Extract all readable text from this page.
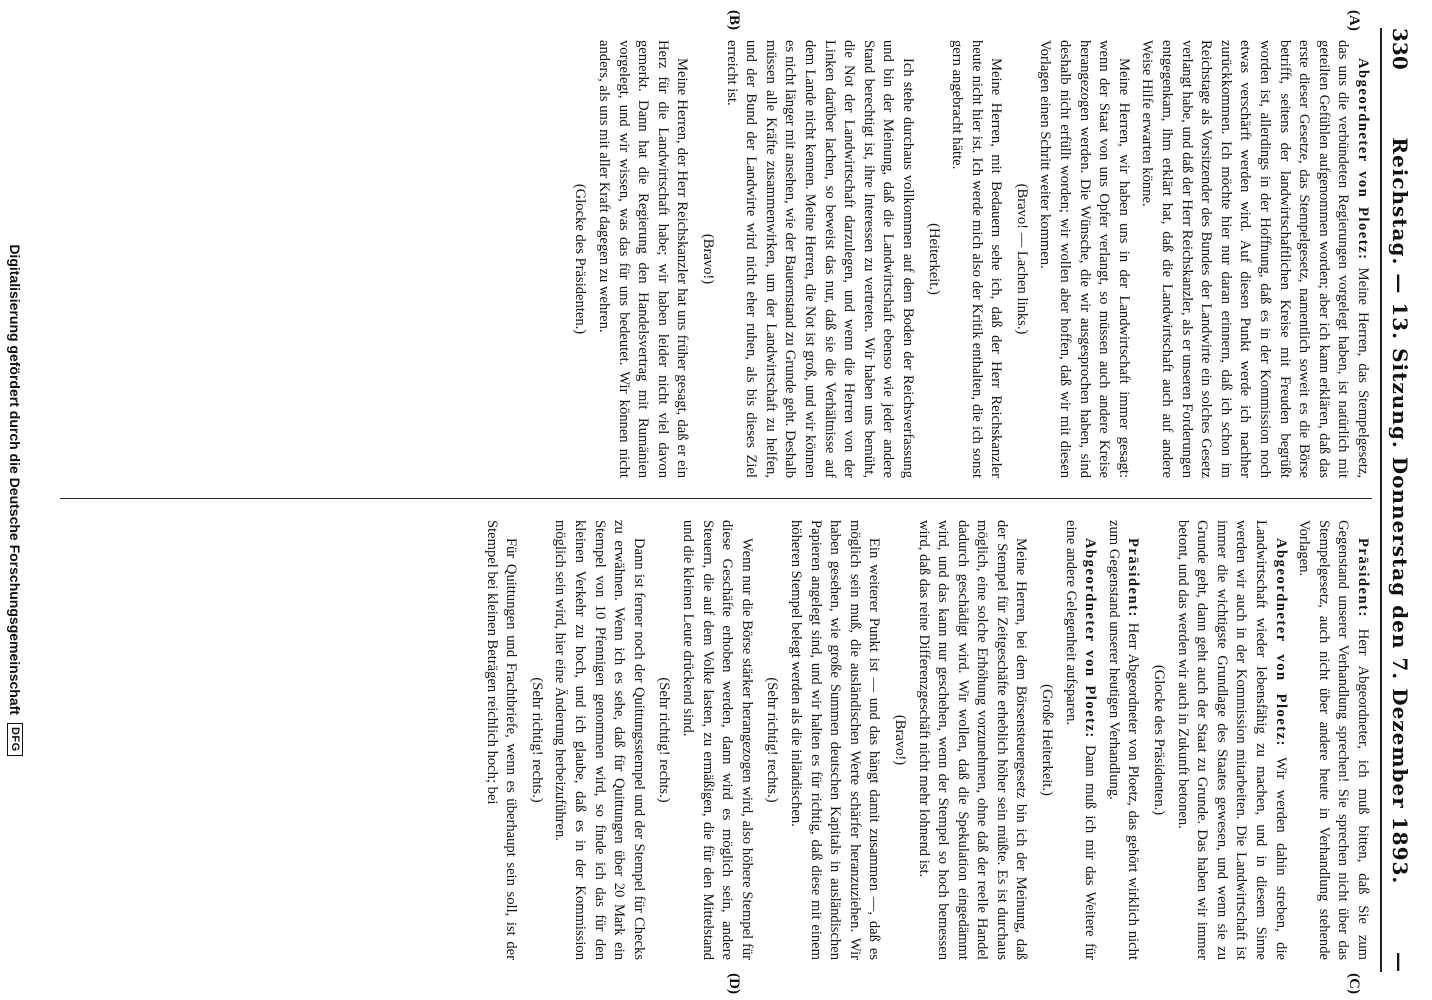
330
Reichstag. — 13. Sitzung. Donnerstag den 7. Dezember 1893.
—
(A)
(B)
(C)
(D)

Abgeordneter von Ploetz: Meine Herren, das Stempelgesetz, das uns die verbündeten Regierungen vorgelegt haben, ist natürlich mit geteilten Gefühlen aufgenommen worden; aber ich kann erklären, daß das erste dieser Gesetze, das Stempelgesetz, namentlich soweit es die Börse betrifft, seitens der landwirtschaftlichen Kreise mit Freuden begrüßt worden ist, allerdings in der Hoffnung, daß es in der Kommission noch etwas verschärft werden wird. Auf diesen Punkt werde ich nachher zurückkommen. Ich möchte hier nur daran erinnern, daß ich schon im Reichstage als Vorsitzender des Bundes der Landwirte ein solches Gesetz verlangt habe, und daß der Herr Reichskanzler, als er unseren Forderungen entgegenkam, ihm erklärt hat, daß die Landwirtschaft auch auf andere Weise Hilfe erwarten könne.

Meine Herren, wir haben uns in der Landwirtschaft immer gesagt: wenn der Staat von uns Opfer verlangt, so müssen auch andere Kreise herangezogen werden. Die Wünsche, die wir ausgesprochen haben, sind deshalb nicht erfüllt worden; wir wollen aber hoffen, daß wir mit diesen Vorlagen einen Schritt weiter kommen.

(Bravo! — Lachen links.)

Meine Herren, mit Bedauern sehe ich, daß der Herr Reichskanzler heute nicht hier ist. Ich werde mich also der Kritik enthalten, die ich sonst gern angebracht hätte.

(Heiterkeit.)

Ich stehe durchaus vollkommen auf dem Boden der Reichsverfassung und bin der Meinung, daß die Landwirtschaft ebenso wie jeder andere Stand berechtigt ist, ihre Interessen zu vertreten. Wir haben uns bemüht, die Not der Landwirtschaft darzulegen, und wenn die Herren von der Linken darüber lachen, so beweist das nur, daß sie die Verhältnisse auf dem Lande nicht kennen. Meine Herren, die Not ist groß, und wir können es nicht länger mit ansehen, wie der Bauernstand zu Grunde geht. Deshalb müssen alle Kräfte zusammenwirken, um der Landwirtschaft zu helfen, und der Bund der Landwirte wird nicht eher ruhen, als bis dieses Ziel erreicht ist.

(Bravo!)

Meine Herren, der Herr Reichskanzler hat uns früher gesagt, daß er ein Herz für die Landwirtschaft habe; wir haben leider nicht viel davon gemerkt. Dann hat die Regierung den Handelsvertrag mit Rumänien vorgelegt, und wir wissen, was das für uns bedeutet. Wir können nicht anders, als uns mit aller Kraft dagegen zu wehren.

(Glocke des Präsidenten.)

Präsident: Herr Abgeordneter, ich muß bitten, daß Sie zum Gegenstand unserer Verhandlung sprechen! Sie sprechen nicht über das Stempelgesetz, auch nicht über andere heute in Verhandlung stehende Vorlagen.

Abgeordneter von Ploetz: Wir werden dahin streben, die Landwirtschaft wieder lebensfähig zu machen, und in diesem Sinne werden wir auch in der Kommission mitarbeiten. Die Landwirtschaft ist immer die wichtigste Grundlage des Staates gewesen, und wenn sie zu Grunde geht, dann geht auch der Staat zu Grunde. Das haben wir immer betont, und das werden wir auch in Zukunft betonen.

(Glocke des Präsidenten.)

Präsident: Herr Abgeordneter von Ploetz, das gehört wirklich nicht zum Gegenstand unserer heutigen Verhandlung.

Abgeordneter von Ploetz: Dann muß ich mir das Weitere für eine andere Gelegenheit aufsparen.

(Große Heiterkeit.)

Meine Herren, bei dem Börsensteuergesetz bin ich der Meinung, daß der Stempel für Zeitgeschäfte erheblich höher sein müßte. Es ist durchaus möglich, eine solche Erhöhung vorzunehmen, ohne daß der reelle Handel dadurch geschädigt wird. Wir wollen, daß die Spekulation eingedämmt wird, und das kann nur geschehen, wenn der Stempel so hoch bemessen wird, daß das reine Differenzgeschäft nicht mehr lohnend ist.

(Bravo!)

Ein weiterer Punkt ist — und das hängt damit zusammen —, daß es möglich sein muß, die ausländischen Werte schärfer heranzuziehen. Wir haben gesehen, wie große Summen deutschen Kapitals in ausländischen Papieren angelegt sind, und wir halten es für richtig, daß diese mit einem höheren Stempel belegt werden als die inländischen.

(Sehr richtig! rechts.)

Wenn nur die Börse stärker herangezogen wird, also höhere Stempel für diese Geschäfte erhoben werden, dann wird es möglich sein, andere Steuern, die auf dem Volke lasten, zu ermäßigen, die für den Mittelstand und die kleinen Leute drückend sind.

(Sehr richtig! rechts.)

Dann ist ferner noch der Quittungsstempel und der Stempel für Checks zu erwähnen. Wenn ich es sehe, daß für Quittungen über 20 Mark ein Stempel von 10 Pfennigen genommen wird, so finde ich das für den kleinen Verkehr zu hoch, und ich glaube, daß es in der Kommission möglich sein wird, hier eine Änderung herbeizuführen.

(Sehr richtig! rechts.)

Für Quittungen und Frachtbriefe, wenn es überhaupt sein soll, ist der Stempel bei kleinen Beträgen reichlich hoch; bei

Digitalisierung gefördert durch die Deutsche Forschungsgemeinschaft
DFG
